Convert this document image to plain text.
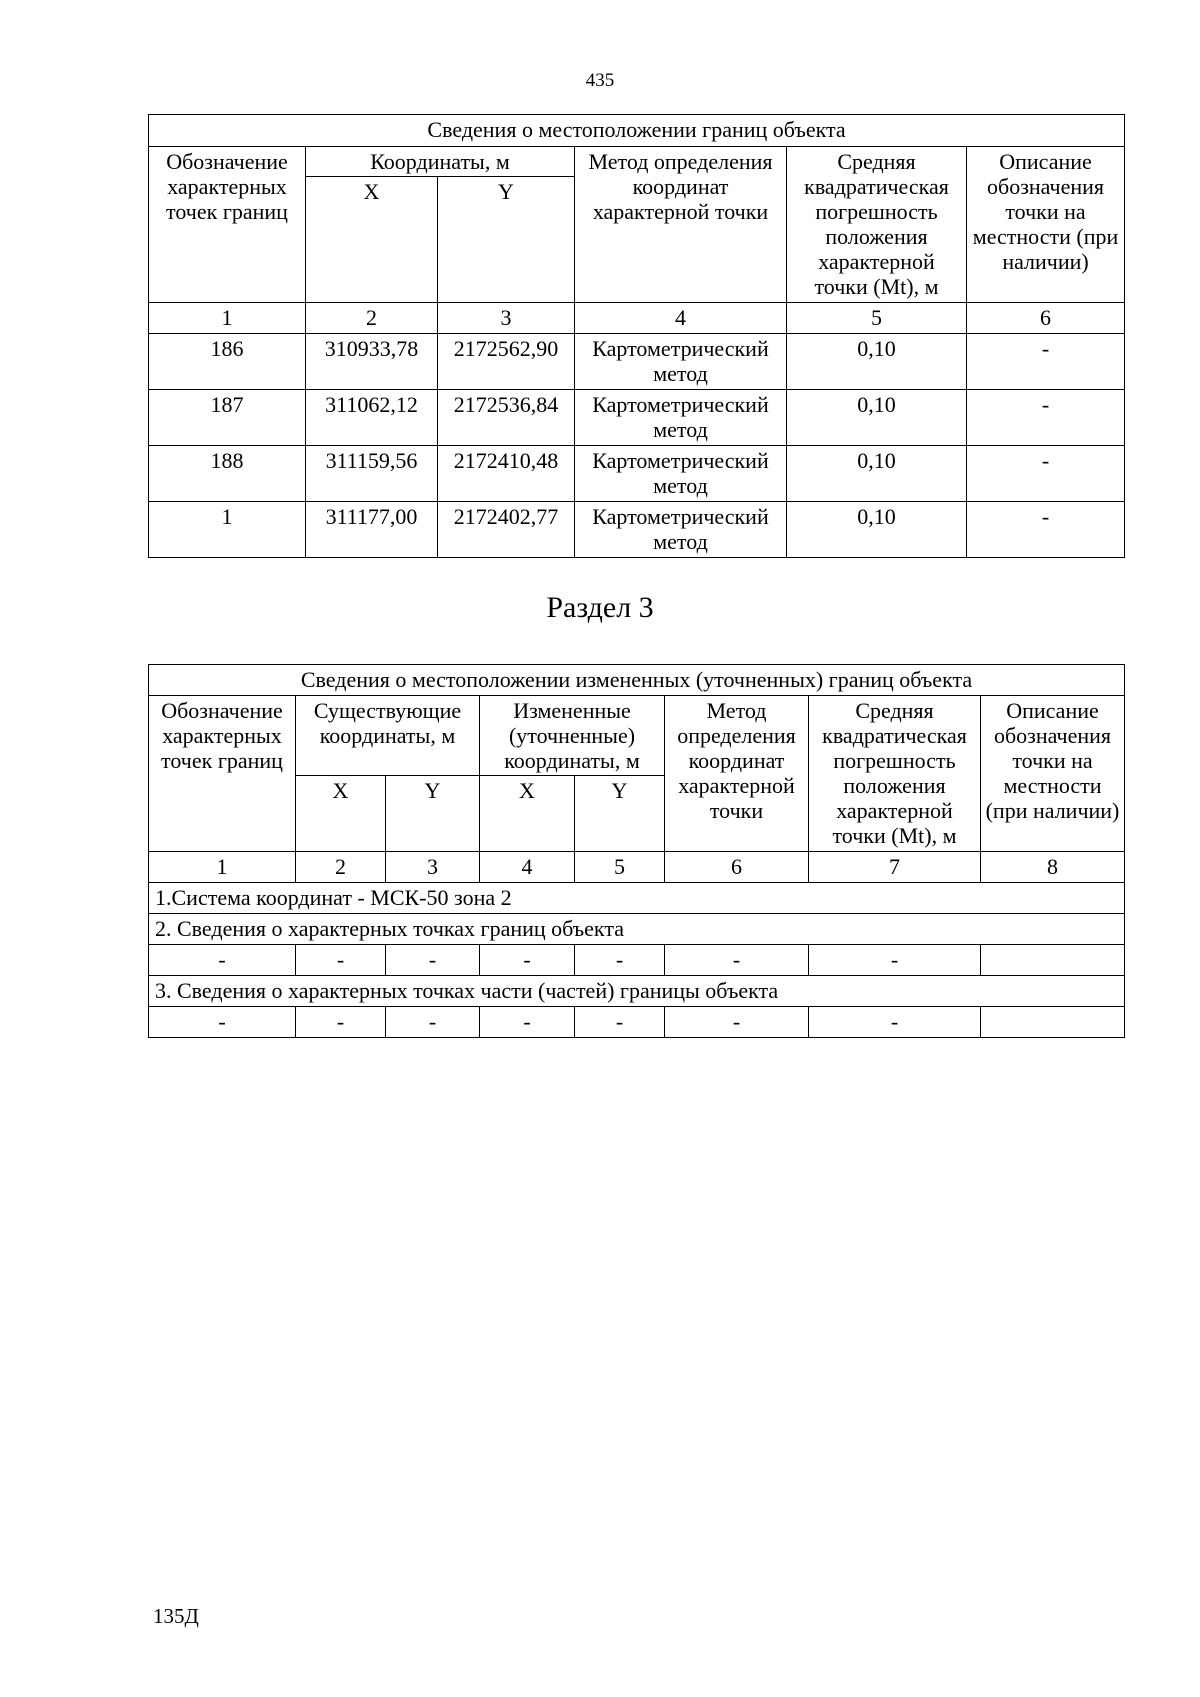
435
Сведения о местоположении границ объекта					
Обозначение характерных точек границ	Координаты, м		Метод определения координат характерной точки	Средняя квадратическая погрешность положения характерной точки (Mt), м	Описание обозначения точки на местности (при наличии)
	X	Y			
1	2	3	4	5	6
186	310933,78	2172562,90	Картометрический метод	0,10	-
187	311062,12	2172536,84	Картометрический метод	0,10	-
188	311159,56	2172410,48	Картометрический метод	0,10	-
1	311177,00	2172402,77	Картометрический метод	0,10	-
Раздел 3
Сведения о местоположении измененных (уточненных) границ объекта							
Обозначение характерных точек границ	Существующие координаты, м		Измененные (уточненные) координаты, м		Метод определения координат характерной точки	Средняя квадратическая погрешность положения характерной точки (Mt), м	Описание обозначения точки на местности (при наличии)
	X	Y	X	Y			
1	2	3	4	5	6	7	8
1.Система координат - МСК-50 зона 2							
2. Сведения о характерных точках границ объекта							
-	-	-	-	-	-	-	
3. Сведения о характерных точках части (частей) границы объекта							
-	-	-	-	-	-	-	
135Д
